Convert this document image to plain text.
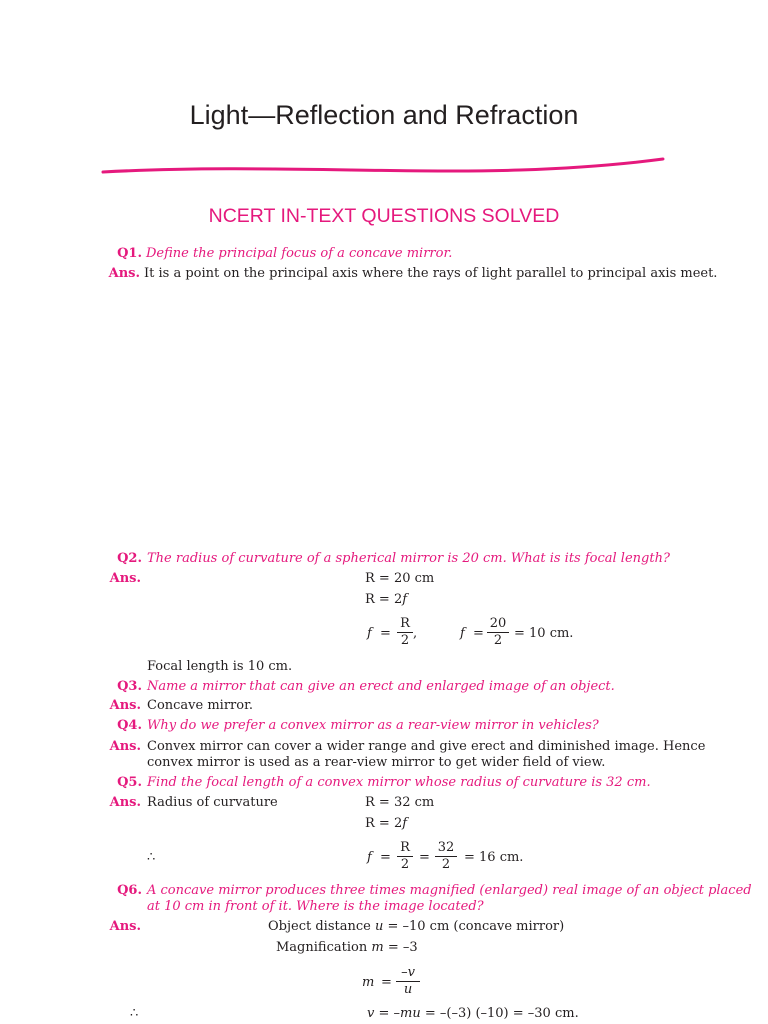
Light—Reflection and Refraction
NCERT IN-TEXT QUESTIONS SOLVED
Q1. Define the principal focus of a concave mirror.
Ans. It is a point on the principal axis where the rays of light parallel to principal axis meet.
Q2. The radius of curvature of a spherical mirror is 20 cm. What is its focal length?
Ans.	R = 20 cm
R = 2f
$f = \frac{R}{2}$ ,	$f = \frac{20}{2} = 10$ cm.
Focal length is 10 cm.
Q3. Name a mirror that can give an erect and enlarged image of an object.
Ans. Concave mirror.
Q4. Why do we prefer a convex mirror as a rear-view mirror in vehicles?
Ans. Convex mirror can cover a wider range and give erect and diminished image. Hence
convex mirror is used as a rear-view mirror to get wider field of view.
Q5. Find the focal length of a convex mirror whose radius of curvature is 32 cm.
Ans. Radius of curvature	R = 32 cm
R = 2f
∴	$f = \frac{R}{2} = \frac{32}{2} = 16$ cm.
Q6. A concave mirror produces three times magnified (enlarged) real image of an object placed
at 10 cm in front of it. Where is the image located?
Ans.	Object distance u = –10 cm (concave mirror)
Magnification m = –3
$m = \frac{-v}{u}$
∴	v = –mu = –(–3) (–10) = –30 cm.
